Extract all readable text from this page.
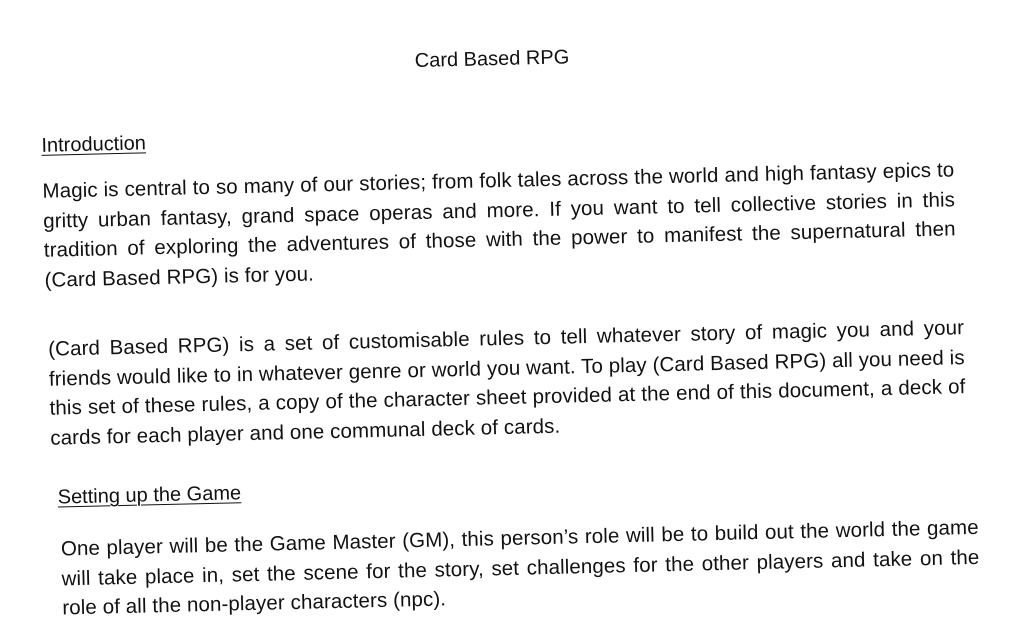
Card Based RPG
Introduction

Magic is central to so many of our stories; from folk tales across the world and high fantasy epics to gritty urban fantasy, grand space operas and more. If you want to tell collective stories in this tradition of exploring the adventures of those with the power to manifest the supernatural then (Card Based RPG) is for you.

(Card Based RPG) is a set of customisable rules to tell whatever story of magic you and your friends would like to in whatever genre or world you want. To play (Card Based RPG) all you need is this set of these rules, a copy of the character sheet provided at the end of this document, a deck of cards for each player and one communal deck of cards.

Setting up the Game

One player will be the Game Master (GM), this person’s role will be to build out the world the game will take place in, set the scene for the story, set challenges for the other players and take on the role of all the non-player characters (npc).
